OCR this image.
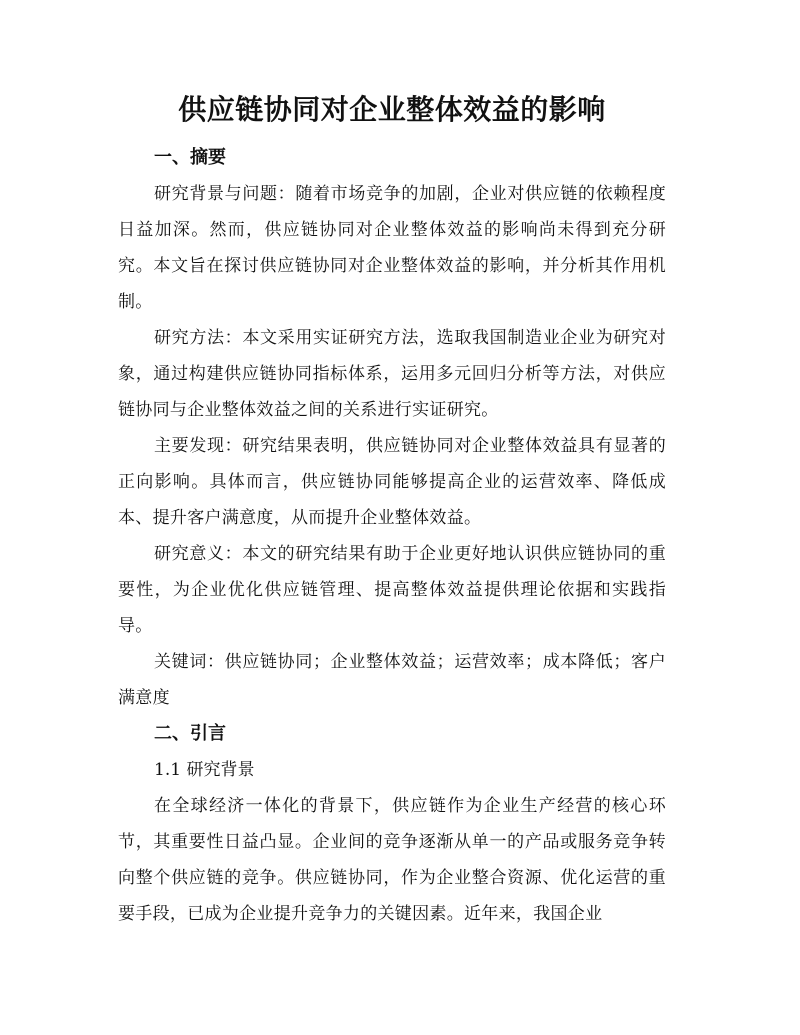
供应链协同对企业整体效益的影响
一、摘要

研究背景与问题：随着市场竞争的加剧，企业对供应链的依赖程度日益加深。然而，供应链协同对企业整体效益的影响尚未得到充分研究。本文旨在探讨供应链协同对企业整体效益的影响，并分析其作用机制。

研究方法：本文采用实证研究方法，选取我国制造业企业为研究对象，通过构建供应链协同指标体系，运用多元回归分析等方法，对供应链协同与企业整体效益之间的关系进行实证研究。

主要发现：研究结果表明，供应链协同对企业整体效益具有显著的正向影响。具体而言，供应链协同能够提高企业的运营效率、降低成本、提升客户满意度，从而提升企业整体效益。

研究意义：本文的研究结果有助于企业更好地认识供应链协同的重要性，为企业优化供应链管理、提高整体效益提供理论依据和实践指导。

关键词：供应链协同；企业整体效益；运营效率；成本降低；客户满意度

二、引言

1.1 研究背景

在全球经济一体化的背景下，供应链作为企业生产经营的核心环节，其重要性日益凸显。企业间的竞争逐渐从单一的产品或服务竞争转向整个供应链的竞争。供应链协同，作为企业整合资源、优化运营的重要手段，已成为企业提升竞争力的关键因素。近年来，我国企业
